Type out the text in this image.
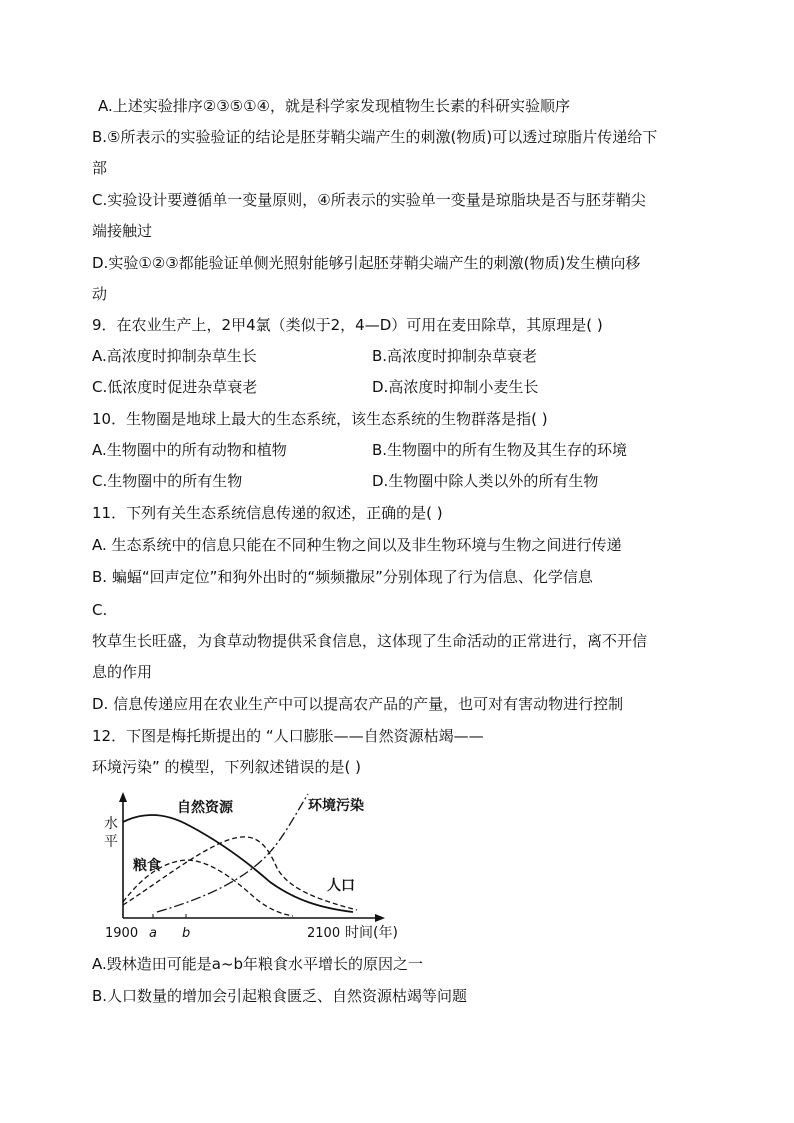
A.上述实验排序②③⑤①④，就是科学家发现植物生长素的科研实验顺序
B.⑤所表示的实验验证的结论是胚芽鞘尖端产生的刺激(物质)可以透过琼脂片传递给下
部
C.实验设计要遵循单一变量原则，④所表示的实验单一变量是琼脂块是否与胚芽鞘尖
端接触过
D.实验①②③都能验证单侧光照射能够引起胚芽鞘尖端产生的刺激(物质)发生横向移
动
9．在农业生产上，2甲4氯（类似于2，4—D）可用在麦田除草，其原理是( )
A.高浓度时抑制杂草生长	B.高浓度时抑制杂草衰老
C.低浓度时促进杂草衰老	D.高浓度时抑制小麦生长
10．生物圈是地球上最大的生态系统，该生态系统的生物群落是指( )
A.生物圈中的所有动物和植物	B.生物圈中的所有生物及其生存的环境
C.生物圈中的所有生物	D.生物圈中除人类以外的所有生物
11．下列有关生态系统信息传递的叙述，正确的是( )
A. 生态系统中的信息只能在不同种生物之间以及非生物环境与生物之间进行传递
B. 蝙蝠“回声定位”和狗外出时的“频频撒尿”分别体现了行为信息、化学信息
C.
牧草生长旺盛，为食草动物提供采食信息，这体现了生命活动的正常进行，离不开信
息的作用
D. 信息传递应用在农业生产中可以提高农产品的产量，也可对有害动物进行控制
12．下图是梅托斯提出的 “人口膨胀——自然资源枯竭——
环境污染” 的模型，下列叙述错误的是( )
水
平
自然资源	环境污染
粮食
人口
1900 a b	2100 时间(年)
A.毁林造田可能是a~b年粮食水平增长的原因之一
B.人口数量的增加会引起粮食匮乏、自然资源枯竭等问题
